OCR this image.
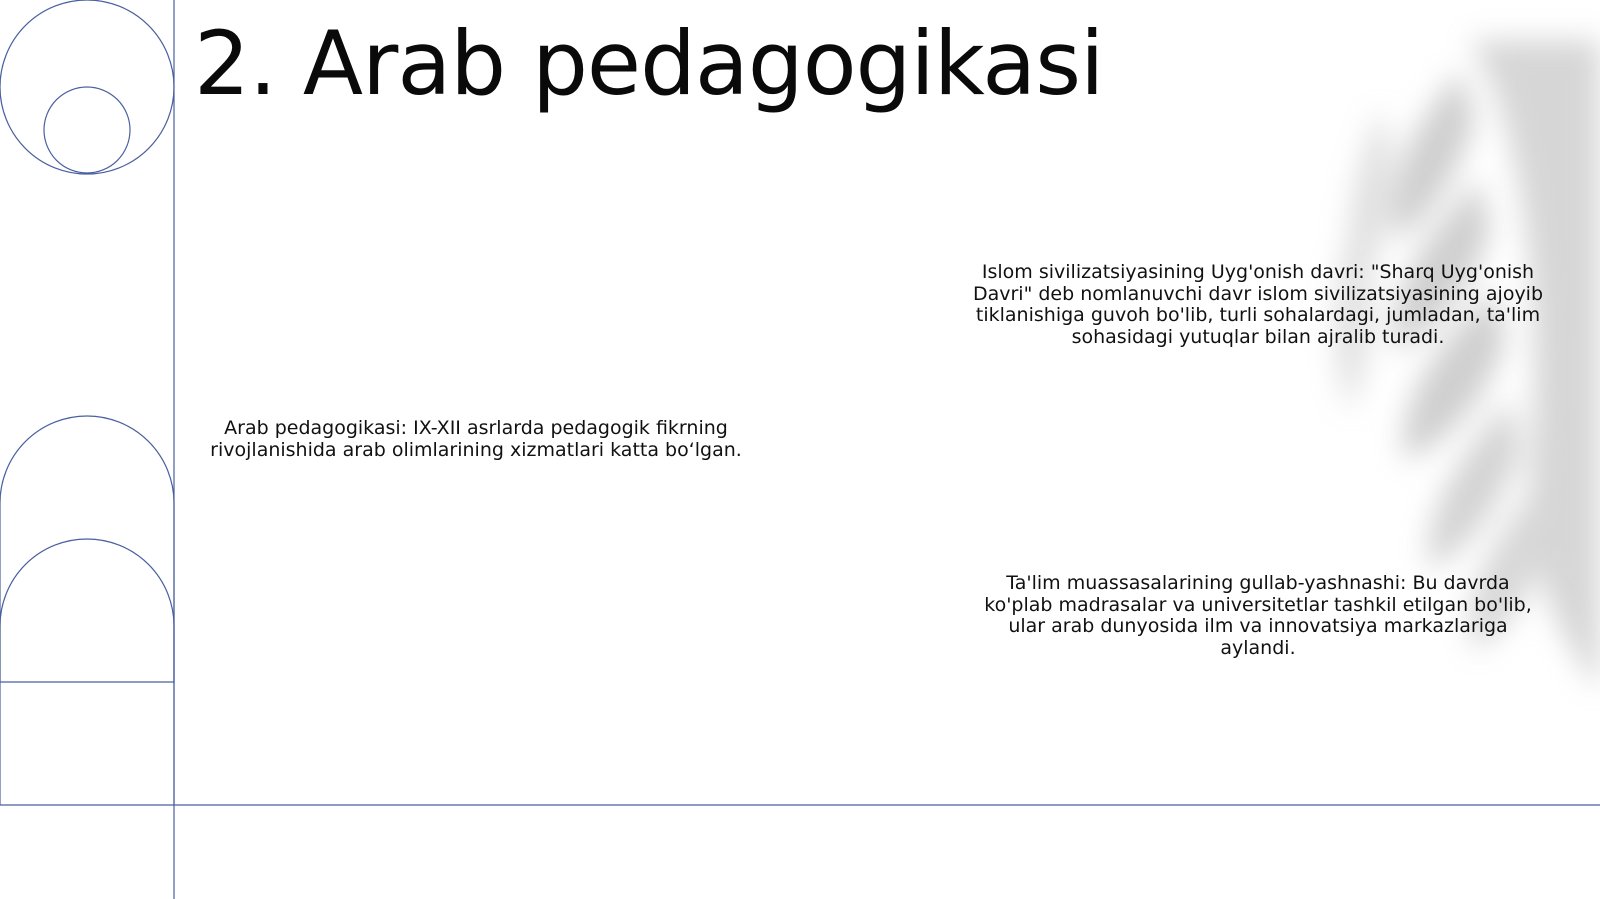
2. Arab pedagogikasi

Islom sivilizatsiyasining Uyg'onish davri: "Sharq Uyg'onish Davri" deb nomlanuvchi davr islom sivilizatsiyasining ajoyib tiklanishiga guvoh bo'lib, turli sohalardagi, jumladan, ta'lim sohasidagi yutuqlar bilan ajralib turadi.

Arab pedagogikasi: IX-XII asrlarda pedagogik fikrning rivojlanishida arab olimlarining xizmatlari katta bo‘lgan.

Ta'lim muassasalarining gullab-yashnashi: Bu davrda ko'plab madrasalar va universitetlar tashkil etilgan bo'lib, ular arab dunyosida ilm va innovatsiya markazlariga aylandi.
